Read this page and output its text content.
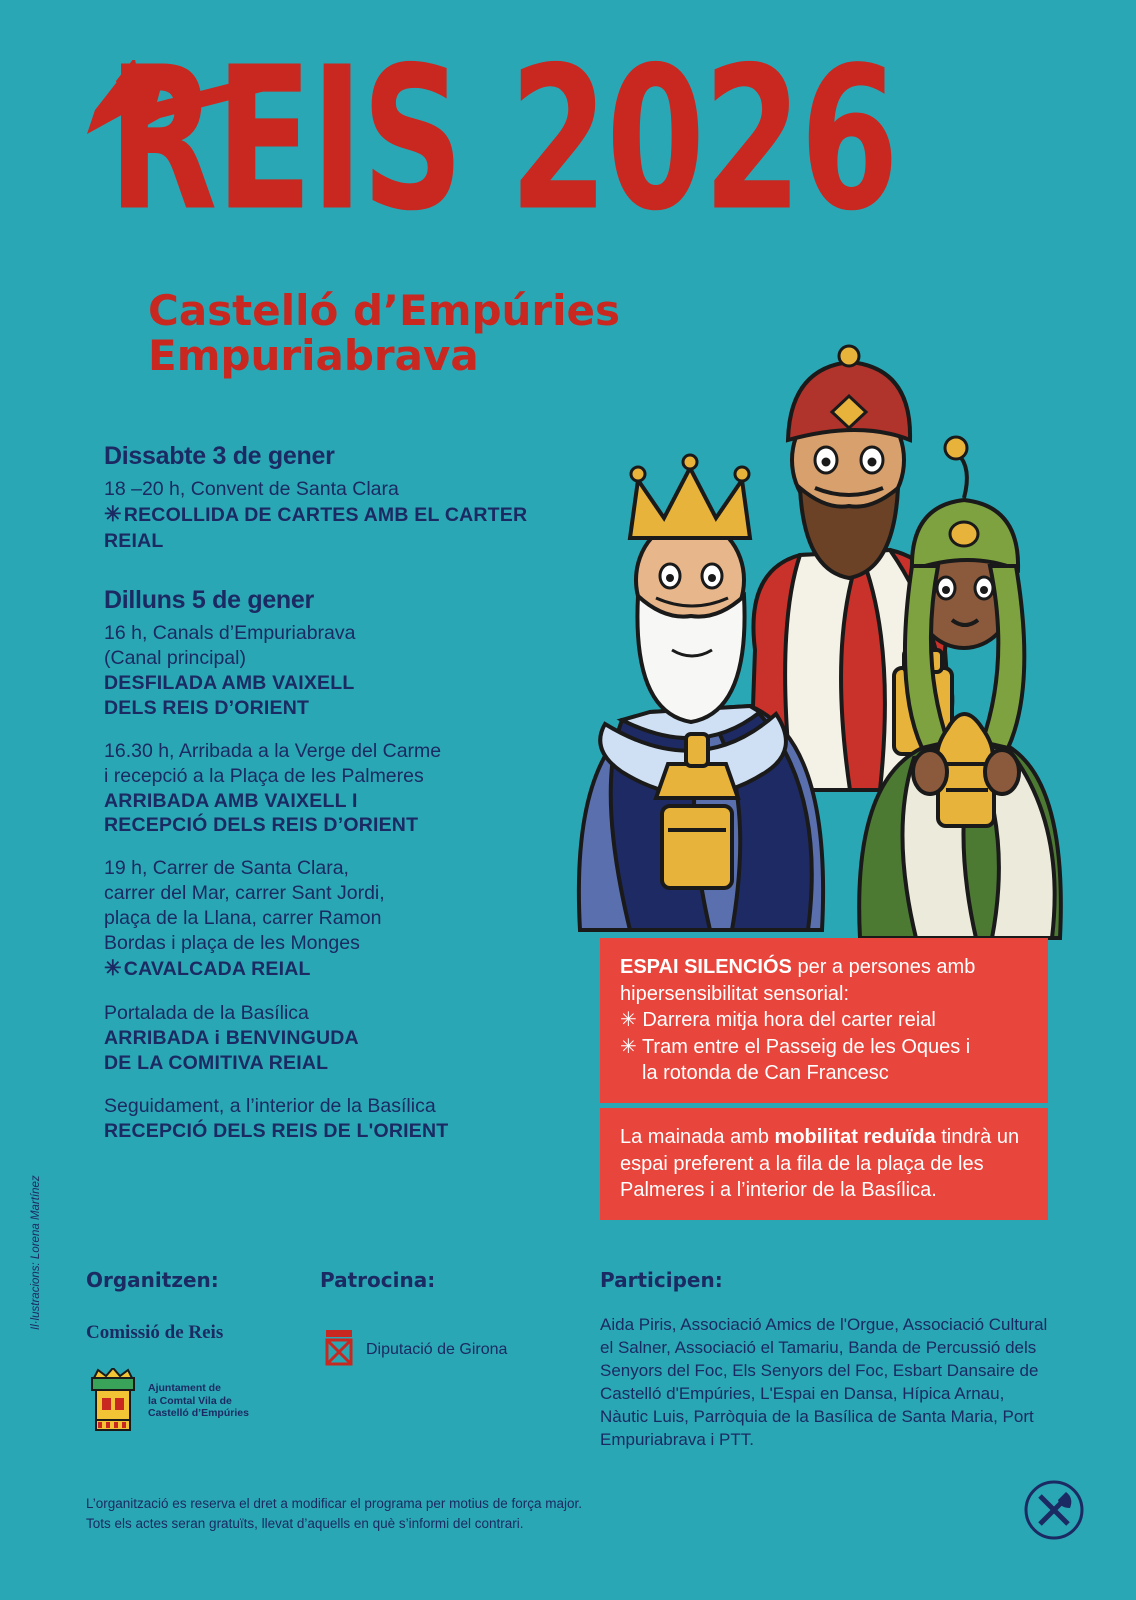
REIS 2026
Castelló d’Empúries
Empuriabrava
Dissabte 3 de gener
18 –20 h, Convent de Santa Clara
✳ RECOLLIDA DE CARTES AMB EL CARTER REIAL
Dilluns 5 de gener
16 h, Canals d’Empuriabrava
(Canal principal)
DESFILADA AMB VAIXELL
DELS REIS D’ORIENT
16.30 h, Arribada a la Verge del Carme
i recepció a la Plaça de les Palmeres
ARRIBADA AMB VAIXELL I
RECEPCIÓ DELS REIS D’ORIENT
19 h, Carrer de Santa Clara,
carrer del Mar, carrer Sant Jordi,
plaça de la Llana, carrer Ramon
Bordas i plaça de les Monges
✳ CAVALCADA REIAL
Portalada de la Basílica
ARRIBADA i BENVINGUDA
DE LA COMITIVA REIAL
Seguidament, a l’interior de la Basílica
RECEPCIÓ DELS REIS DE L'ORIENT
ESPAI SILENCIÓS per a persones amb
hipersensibilitat sensorial:
✳ Darrera mitja hora del carter reial
✳ Tram entre el Passeig de les Oques i
la rotonda de Can Francesc
La mainada amb mobilitat reduïda tindrà un espai preferent a la fila de la plaça de les Palmeres i a l’interior de la Basílica.
Organitzen:
Comissió de Reis
Ajuntament de
la Comtal Vila de
Castelló d’Empúries
Patrocina:
Diputació de Girona
Participen:
Aida Piris, Associació Amics de l'Orgue, Associació Cultural el Salner, Associació el Tamariu, Banda de Percussió dels Senyors del Foc, Els Senyors del Foc, Esbart Dansaire de Castelló d'Empúries, L'Espai en Dansa, Hípica Arnau, Nàutic Luis, Parròquia de la Basílica de Santa Maria, Port Empuriabrava i PTT.
L’organització es reserva el dret a modificar el programa per motius de força major.
Tots els actes seran gratuïts, llevat d’aquells en què s’informi del contrari.
Il·lustracions: Lorena Martínez
